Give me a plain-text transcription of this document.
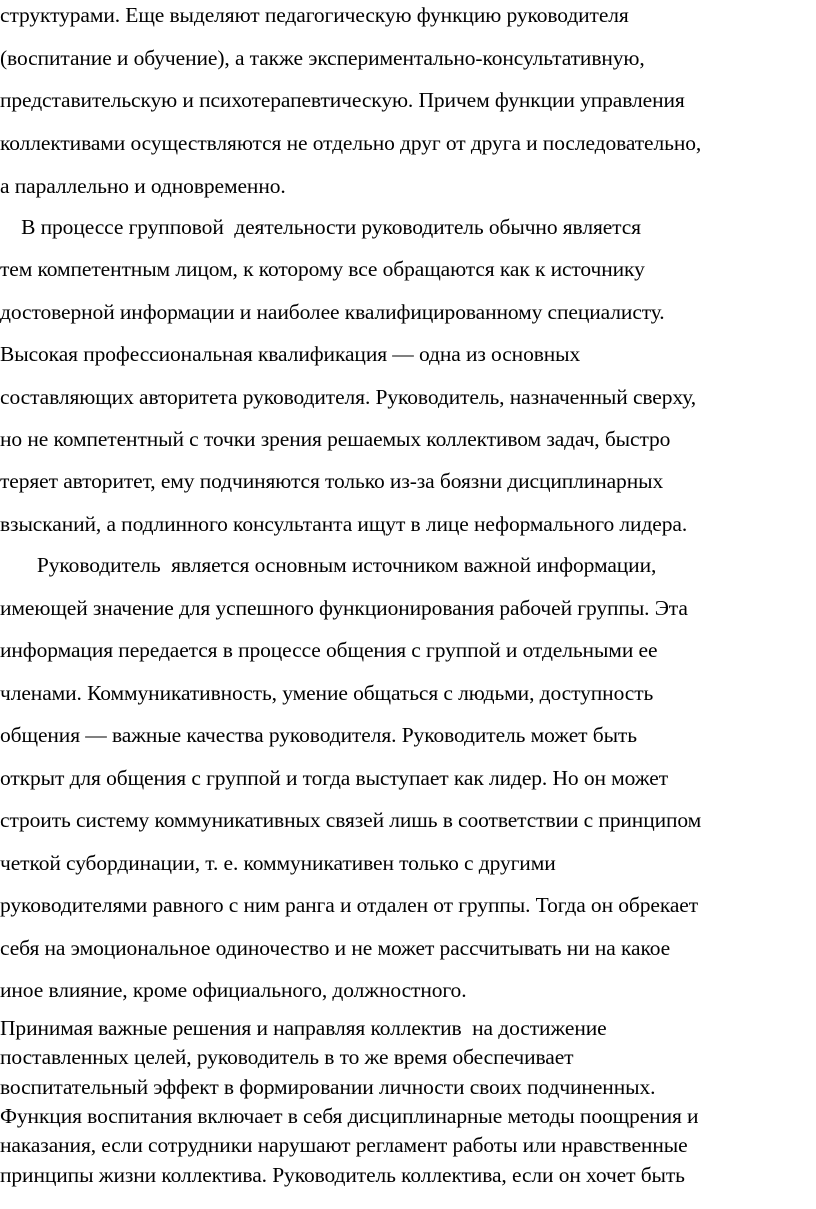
структурами. Еще выделяют педагогическую функцию руководителя
(воспитание и обучение), а также экспериментально-консультативную,
представительскую и психотерапевтическую. Причем функции управления
коллективами осуществляются не отдельно друг от друга и последовательно,
а параллельно и одновременно.
В процессе групповой  деятельности руководитель обычно является
тем компетентным лицом, к которому все обращаются как к источнику
достоверной информации и наиболее квалифицированному специалисту.
Высокая профессиональная квалификация — одна из основных
составляющих авторитета руководителя. Руководитель, назначенный сверху,
но не компетентный с точки зрения решаемых коллективом задач, быстро
теряет авторитет, ему подчиняются только из-за боязни дисциплинарных
взысканий, а подлинного консультанта ищут в лице неформального лидера.
Руководитель  является основным источником важной информации,
имеющей значение для успешного функционирования рабочей группы. Эта
информация передается в процессе общения с группой и отдельными ее
членами. Коммуникативность, умение общаться с людьми, доступность
общения — важные качества руководителя. Руководитель может быть
открыт для общения с группой и тогда выступает как лидер. Но он может
строить систему коммуникативных связей лишь в соответствии с принципом
четкой субординации, т. е. коммуникативен только с другими
руководителями равного с ним ранга и отдален от группы. Тогда он обрекает
себя на эмоциональное одиночество и не может рассчитывать ни на какое
иное влияние, кроме официального, должностного.
Принимая важные решения и направляя коллектив  на достижение
поставленных целей, руководитель в то же время обеспечивает
воспитательный эффект в формировании личности своих подчиненных.
Функция воспитания включает в себя дисциплинарные методы поощрения и
наказания, если сотрудники нарушают регламент работы или нравственные
принципы жизни коллектива. Руководитель коллектива, если он хочет быть
